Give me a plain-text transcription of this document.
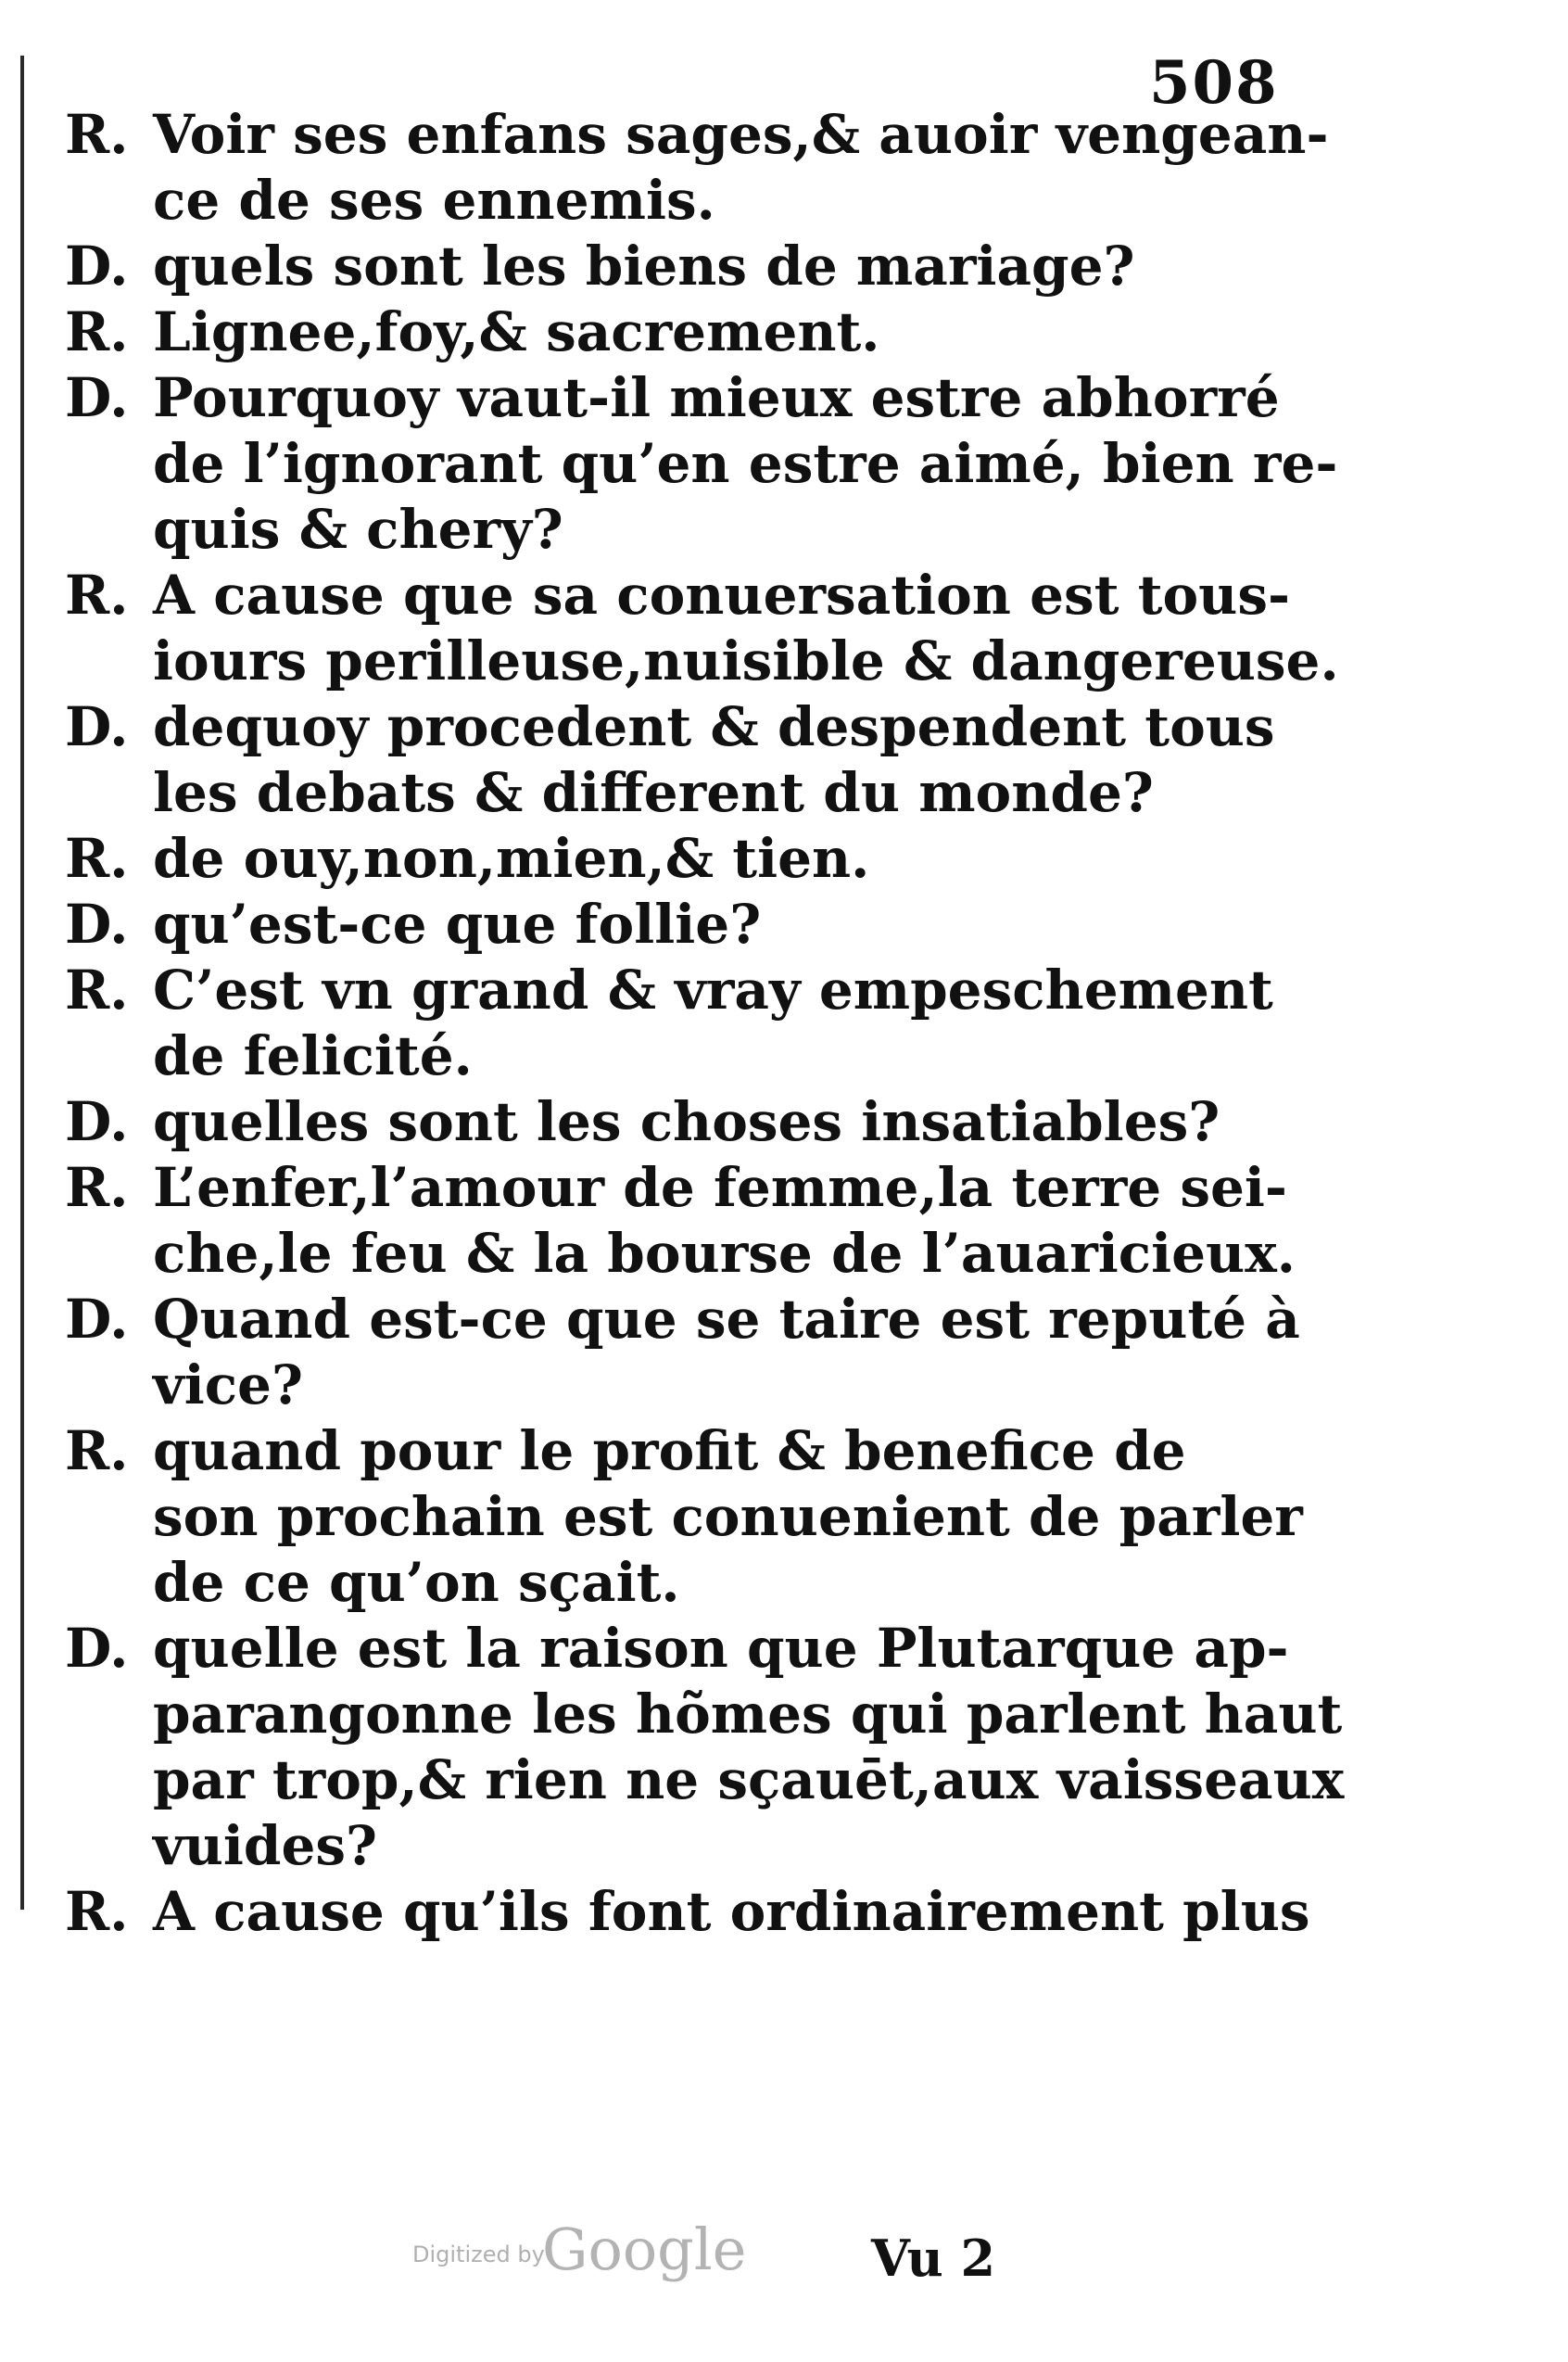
508
R. Voir ses enfans sages,& auoir vengean-
ce de ses ennemis.
D. quels sont les biens de mariage?
R. Lignee,foy,& sacrement.
D. Pourquoy vaut-il mieux estre abhorré
de l’ignorant qu’en estre aimé, bien re-
quis & chery?
R. A cause que sa conuersation est tous-
iours perilleuse,nuisible & dangereuse.
D. dequoy procedent & despendent tous
les debats & different du monde?
R. de ouy,non,mien,& tien.
D. qu’est-ce que follie?
R. C’est vn grand & vray empeschement
de felicité.
D. quelles sont les choses insatiables?
R. L’enfer,l’amour de femme,la terre sei-
che,le feu & la bourse de l’auaricieux.
D. Quand est-ce que se taire est reputé à
vice?
R. quand pour le profit & benefice de
son prochain est conuenient de parler
de ce qu’on sçait.
D. quelle est la raison que Plutarque ap-
parangonne les hõmes qui parlent haut
par trop,& rien ne sçauēt,aux vaisseaux
vuides?
R. A cause qu’ils font ordinairement plus
Digitized by
Google Vu 2
